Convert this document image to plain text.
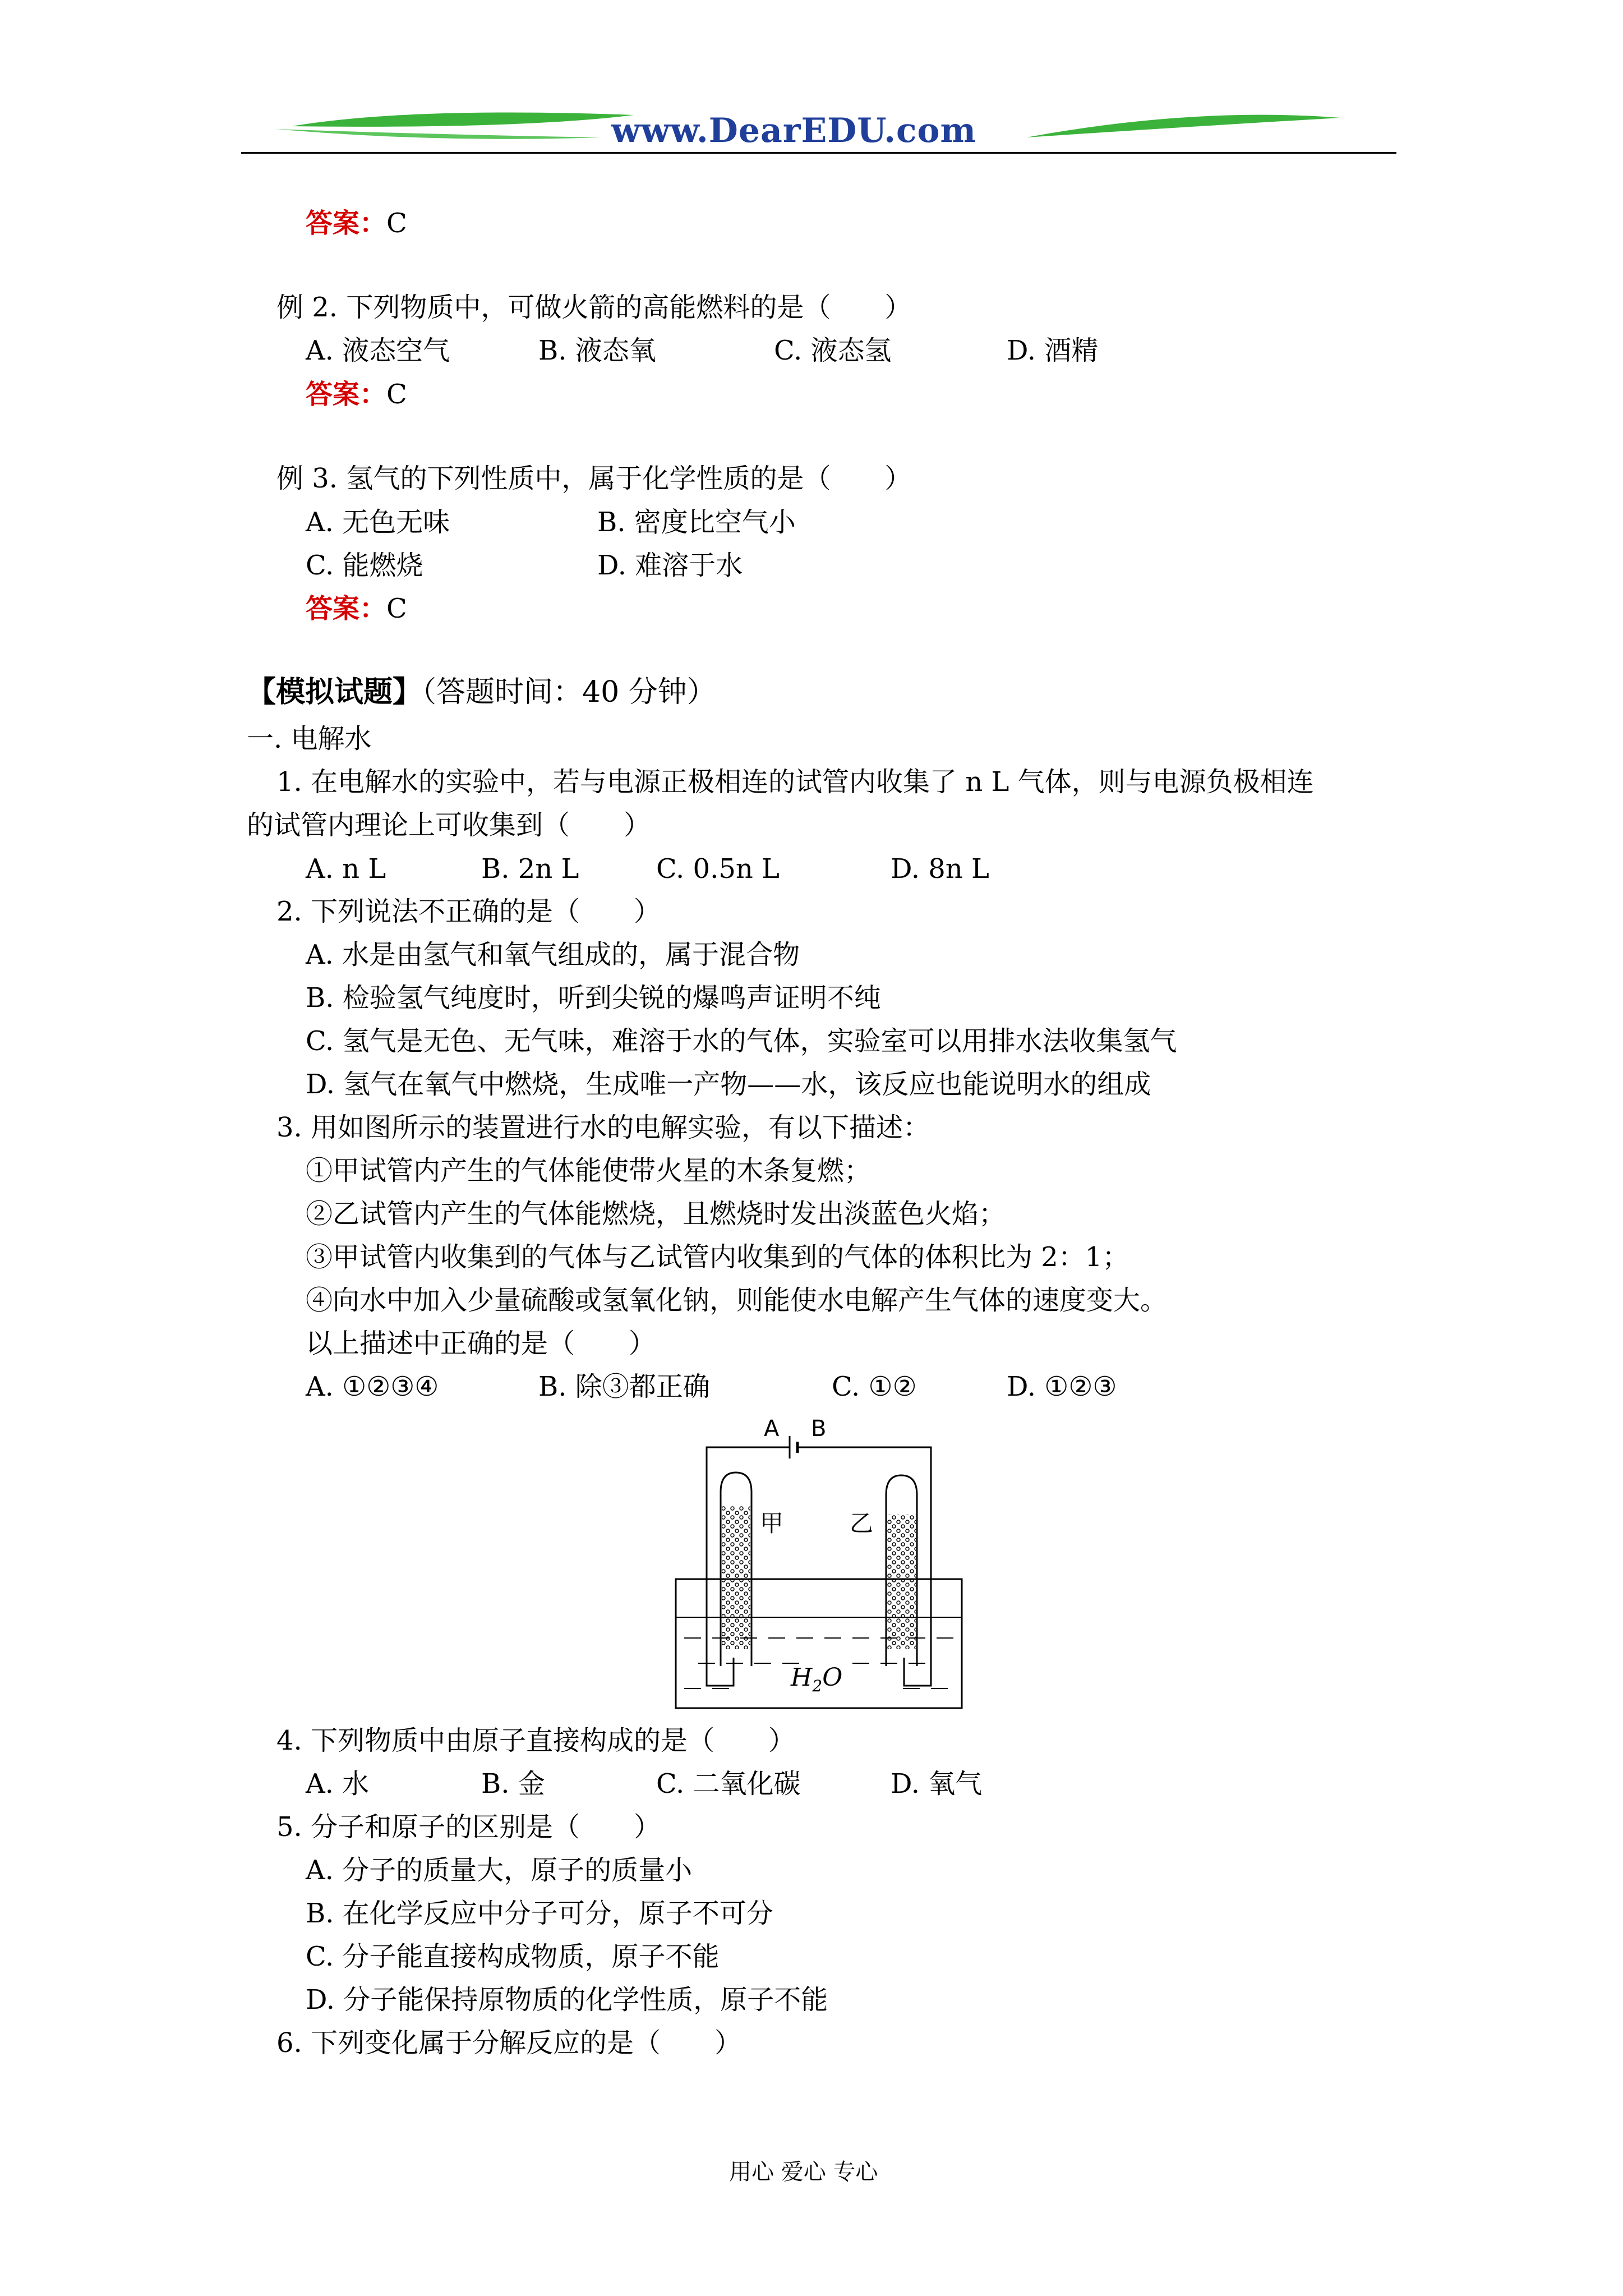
www.DearEDU.com
答案：C
例 2. 下列物质中，可做火箭的高能燃料的是（　　）
A. 液态空气	B. 液态氧	C. 液态氢	D. 酒精
答案：C
例 3. 氢气的下列性质中，属于化学性质的是（　　）
A. 无色无味	B. 密度比空气小
C. 能燃烧	D. 难溶于水
答案：C
【模拟试题】（答题时间：40 分钟）
一. 电解水
1. 在电解水的实验中，若与电源正极相连的试管内收集了 n L 气体，则与电源负极相连
的试管内理论上可收集到（　　）
A. n L	B. 2n L	C. 0.5n L	D. 8n L
2. 下列说法不正确的是（　　）
A. 水是由氢气和氧气组成的，属于混合物
B. 检验氢气纯度时，听到尖锐的爆鸣声证明不纯
C. 氢气是无色、无气味，难溶于水的气体，实验室可以用排水法收集氢气
D. 氢气在氧气中燃烧，生成唯一产物——水，该反应也能说明水的组成
3. 用如图所示的装置进行水的电解实验，有以下描述：
①甲试管内产生的气体能使带火星的木条复燃；
②乙试管内产生的气体能燃烧，且燃烧时发出淡蓝色火焰；
③甲试管内收集到的气体与乙试管内收集到的气体的体积比为 2：1；
④向水中加入少量硫酸或氢氧化钠，则能使水电解产生气体的速度变大。
以上描述中正确的是（　　）
A. ①②③④	B. 除③都正确	C. ①②	D. ①②③
A B
甲	乙
$H_2O$
4. 下列物质中由原子直接构成的是（　　）
A. 水	B. 金	C. 二氧化碳	D. 氧气
5. 分子和原子的区别是（　　）
A. 分子的质量大，原子的质量小
B. 在化学反应中分子可分，原子不可分
C. 分子能直接构成物质，原子不能
D. 分子能保持原物质的化学性质，原子不能
6. 下列变化属于分解反应的是（　　）
用心 爱心 专心
